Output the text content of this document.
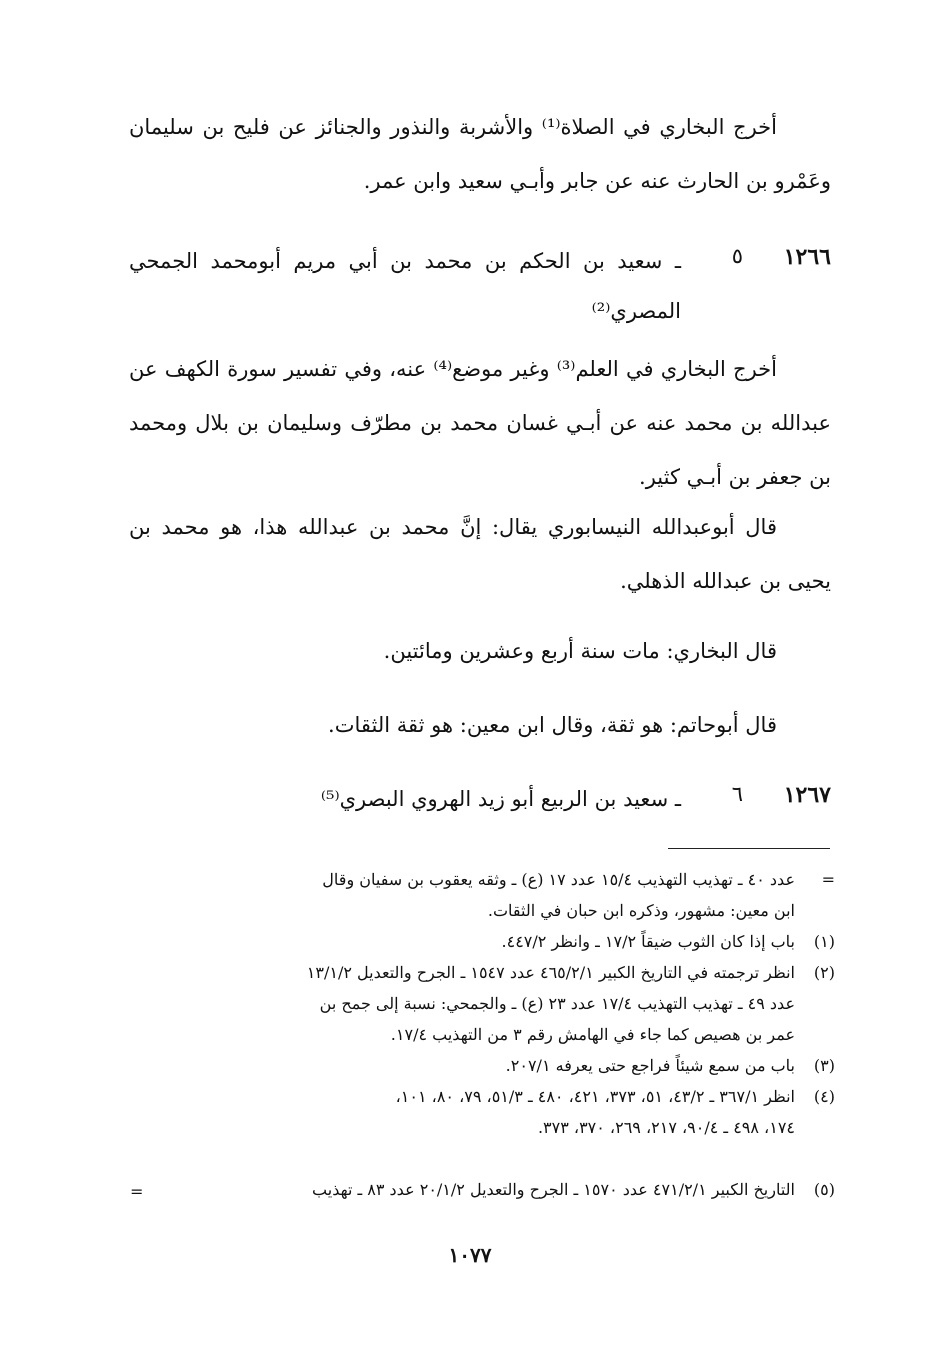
أخرج البخاري في الصلاة⁽¹⁾ والأشربة والنذور والجنائز عن فليح بن سليمان وعَمْرو بن الحارث عنه عن جابر وأبـي سعيد وابن عمر.
١٢٦٦
٥
ـ سعيد بن الحكم بن محمد بن أبي مريم أبومحمد الجمحي المصري⁽²⁾
أخرج البخاري في العلم⁽³⁾ وغير موضع⁽⁴⁾ عنه، وفي تفسير سورة الكهف عن عبدالله بن محمد عنه عن أبـي غسان محمد بن مطرّف وسليمان بن بلال ومحمد بن جعفر بن أبـي كثير.
قال أبوعبدالله النيسابوري يقال: إنَّ محمد بن عبدالله هذا، هو محمد بن يحيى بن عبدالله الذهلي.
قال البخاري: مات سنة أربع وعشرين ومائتين.
قال أبوحاتم: هو ثقة، وقال ابن معين: هو ثقة الثقات.
١٢٦٧
٦
ـ سعيد بن الربيع أبو زيد الهروي البصري⁽⁵⁾
=
عدد ٤٠ ـ تهذيب التهذيب ١٥/٤ عدد ١٧ (ع) ـ وثقه يعقوب بن سفيان وقال
ابن معين: مشهور، وذكره ابن حبان في الثقات.
(١)
باب إذا كان الثوب ضيقاً ١٧/٢ ـ وانظر ٤٤٧/٢.
(٢)
انظر ترجمته في التاريخ الكبير ٤٦٥/٢/١ عدد ١٥٤٧ ـ الجرح والتعديل ١٣/١/٢
عدد ٤٩ ـ تهذيب التهذيب ١٧/٤ عدد ٢٣ (ع) ـ والجمحي: نسبة إلى جمح بن
عمر بن هصيص كما جاء في الهامش رقم ٣ من التهذيب ١٧/٤.
(٣)
باب من سمع شيئاً فراجع حتى يعرفه ٢٠٧/١.
(٤)
انظر ٣٦٧/١ ـ ٤٣/٢، ٥١، ٣٧٣، ٤٢١، ٤٨٠ ـ ٥١/٣، ٧٩، ٨٠، ١٠١،
١٧٤، ٤٩٨ ـ ٩٠/٤، ٢١٧، ٢٦٩، ٣٧٠، ٣٧٣.
(٥)
التاريخ الكبير ٤٧١/٢/١ عدد ١٥٧٠ ـ الجرح والتعديل ٢٠/١/٢ عدد ٨٣ ـ تهذيب
=
١٠٧٧
